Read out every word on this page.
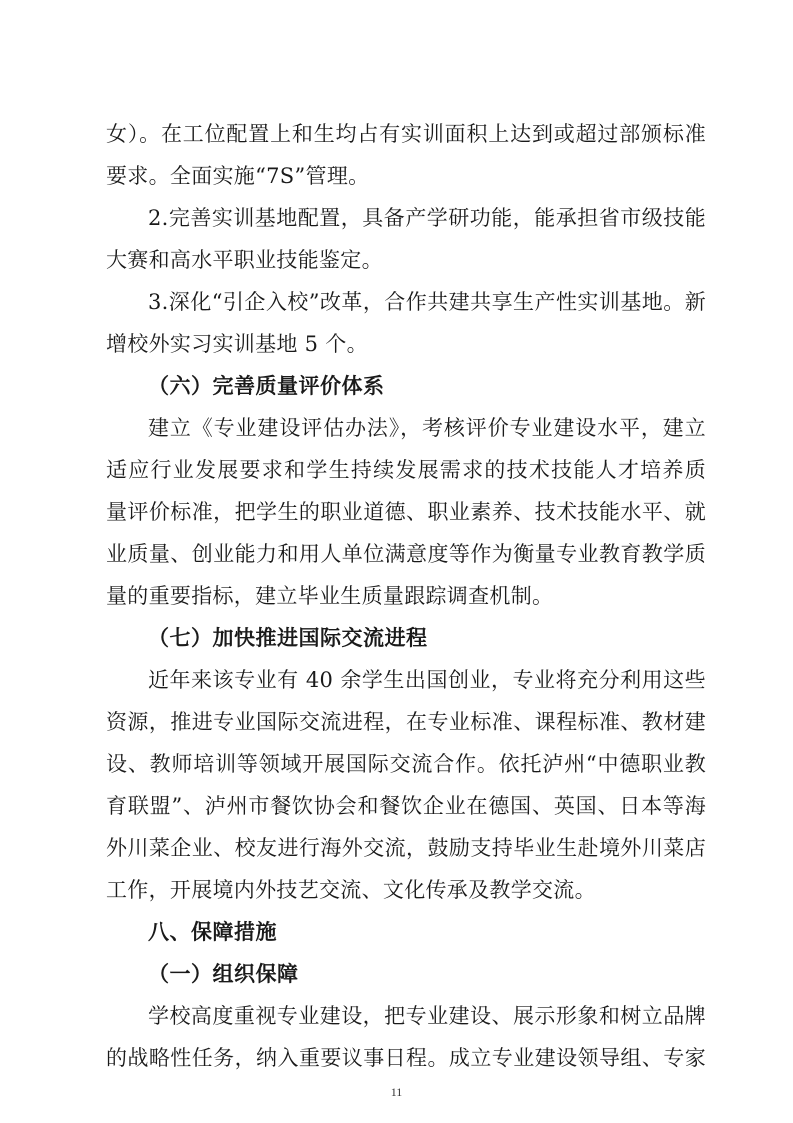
女）。在工位配置上和生均占有实训面积上达到或超过部颁标准
要求。全面实施“7S”管理。
2.完善实训基地配置，具备产学研功能，能承担省市级技能
大赛和高水平职业技能鉴定。
3.深化“引企入校”改革，合作共建共享生产性实训基地。新
增校外实习实训基地 5 个。
（六）完善质量评价体系
建立《专业建设评估办法》，考核评价专业建设水平，建立
适应行业发展要求和学生持续发展需求的技术技能人才培养质
量评价标准，把学生的职业道德、职业素养、技术技能水平、就
业质量、创业能力和用人单位满意度等作为衡量专业教育教学质
量的重要指标，建立毕业生质量跟踪调查机制。
（七）加快推进国际交流进程
近年来该专业有 40 余学生出国创业，专业将充分利用这些
资源，推进专业国际交流进程，在专业标准、课程标准、教材建
设、教师培训等领域开展国际交流合作。依托泸州“中德职业教
育联盟”、泸州市餐饮协会和餐饮企业在德国、英国、日本等海
外川菜企业、校友进行海外交流，鼓励支持毕业生赴境外川菜店
工作，开展境内外技艺交流、文化传承及教学交流。
八、保障措施
（一）组织保障
学校高度重视专业建设，把专业建设、展示形象和树立品牌
的战略性任务，纳入重要议事日程。成立专业建设领导组、专家
11
